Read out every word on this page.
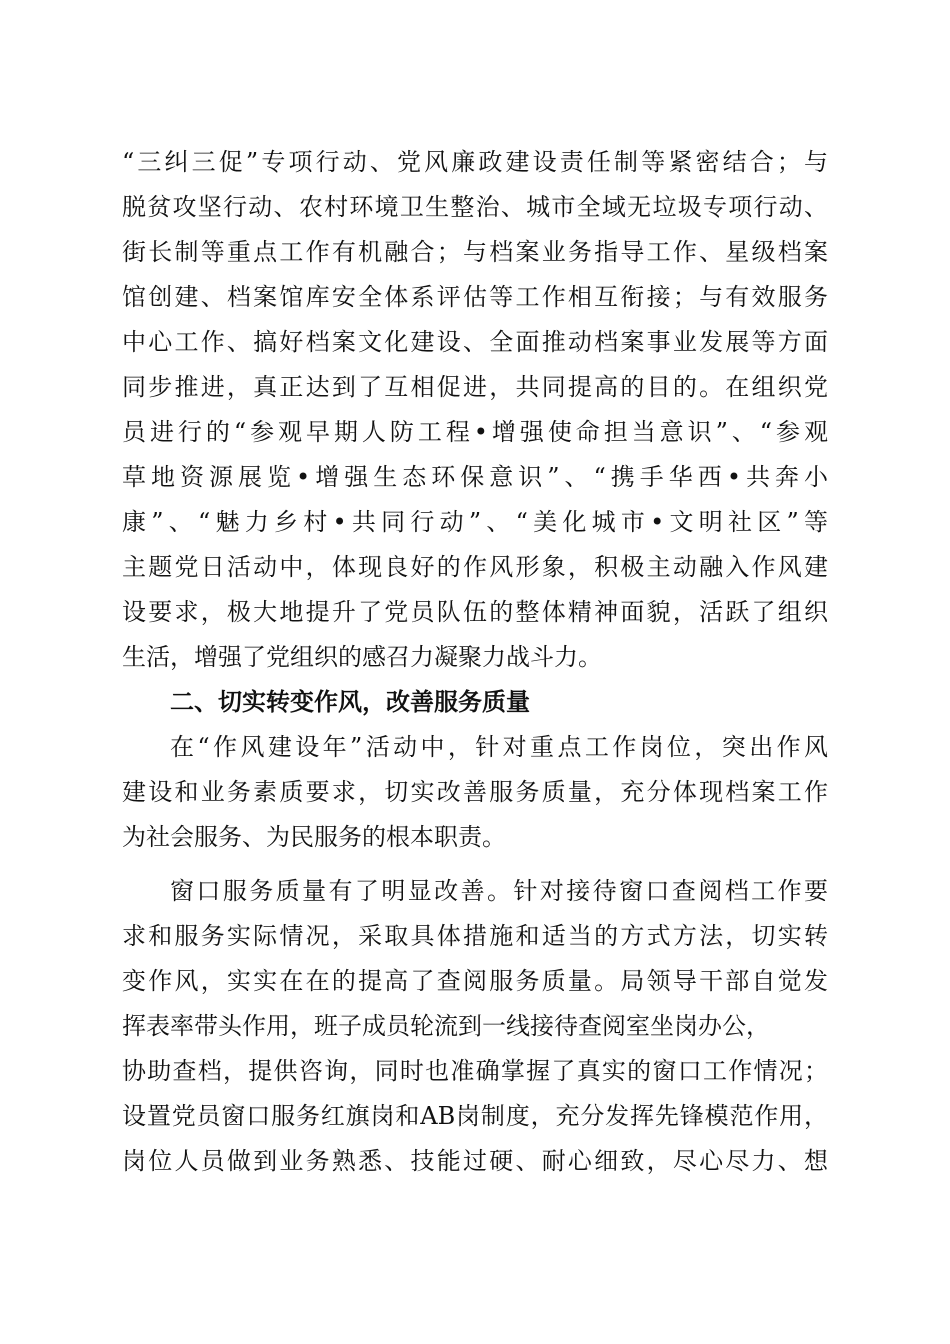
“三纠三促”专项行动、党风廉政建设责任制等紧密结合；与
脱贫攻坚行动、农村环境卫生整治、城市全域无垃圾专项行动、
街长制等重点工作有机融合；与档案业务指导工作、星级档案
馆创建、档案馆库安全体系评估等工作相互衔接；与有效服务
中心工作、搞好档案文化建设、全面推动档案事业发展等方面
同步推进，真正达到了互相促进，共同提高的目的。在组织党
员进行的“参观早期人防工程•增强使命担当意识”、“参观
草地资源展览•增强生态环保意识”、“携手华西•共奔小
康”、“魅力乡村•共同行动”、“美化城市•文明社区”等
主题党日活动中，体现良好的作风形象，积极主动融入作风建
设要求，极大地提升了党员队伍的整体精神面貌，活跃了组织
生活，增强了党组织的感召力凝聚力战斗力。
二、切实转变作风，改善服务质量
在“作风建设年”活动中，针对重点工作岗位，突出作风
建设和业务素质要求，切实改善服务质量，充分体现档案工作
为社会服务、为民服务的根本职责。
窗口服务质量有了明显改善。针对接待窗口查阅档工作要
求和服务实际情况，采取具体措施和适当的方式方法，切实转
变作风，实实在在的提高了查阅服务质量。局领导干部自觉发
挥表率带头作用，班子成员轮流到一线接待查阅室坐岗办公，
协助查档，提供咨询，同时也准确掌握了真实的窗口工作情况；
设置党员窗口服务红旗岗和AB岗制度，充分发挥先锋模范作用，
岗位人员做到业务熟悉、技能过硬、耐心细致，尽心尽力、想
